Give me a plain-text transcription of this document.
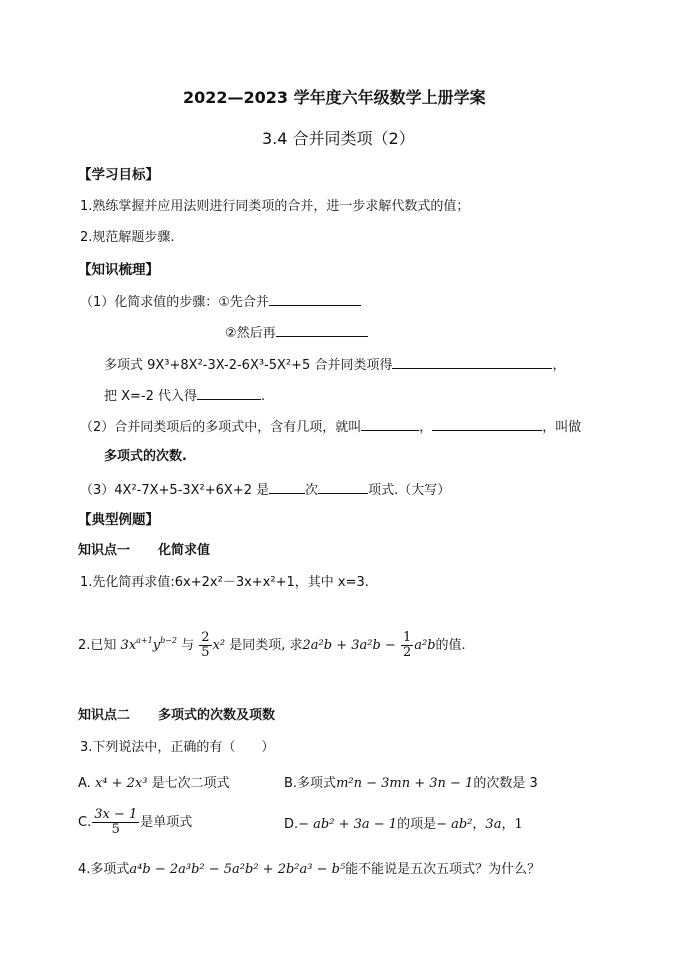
2022—2023 学年度六年级数学上册学案
3.4 合并同类项（2）
【学习目标】
1.熟练掌握并应用法则进行同类项的合并，进一步求解代数式的值；
2.规范解题步骤.
【知识梳理】
（1）化简求值的步骤：①先合并
②然后再
多项式 9X³+8X²-3X-2-6X³-5X²+5 合并同类项得	，
把 X=-2 代入得	.
（2）合并同类项后的多项式中，含有几项，就叫	，	，叫做
多项式的次数.
（3）4X²-7X+5-3X²+6X+2 是	次	项式.（大写）
【典型例题】
知识点一 化简求值
1.先化简再求值:6x+2x²－3x+x²+1，其中 x=3.
2.已知 $3x^{a+1}y^{b-2}$ 与 $\frac{2}{5} x^2$ 是同类项, 求$2a^2b + 3a^2b - \frac{1}{2} a^2b$的值.
知识点二 多项式的次数及项数
3.下列说法中，正确的有（　　）
A. x⁴ + 2x³ 是七次二项式	B.多项式m²n − 3mn + 3n − 1的次数是 3
C. $\frac{3x - 1}{5}$ 是单项式	D.− ab² + 3a − 1的项是− ab²，3a，1
4.多项式a⁴b − 2a³b² − 5a²b² + 2b²a³ − b⁵能不能说是五次五项式？为什么？
